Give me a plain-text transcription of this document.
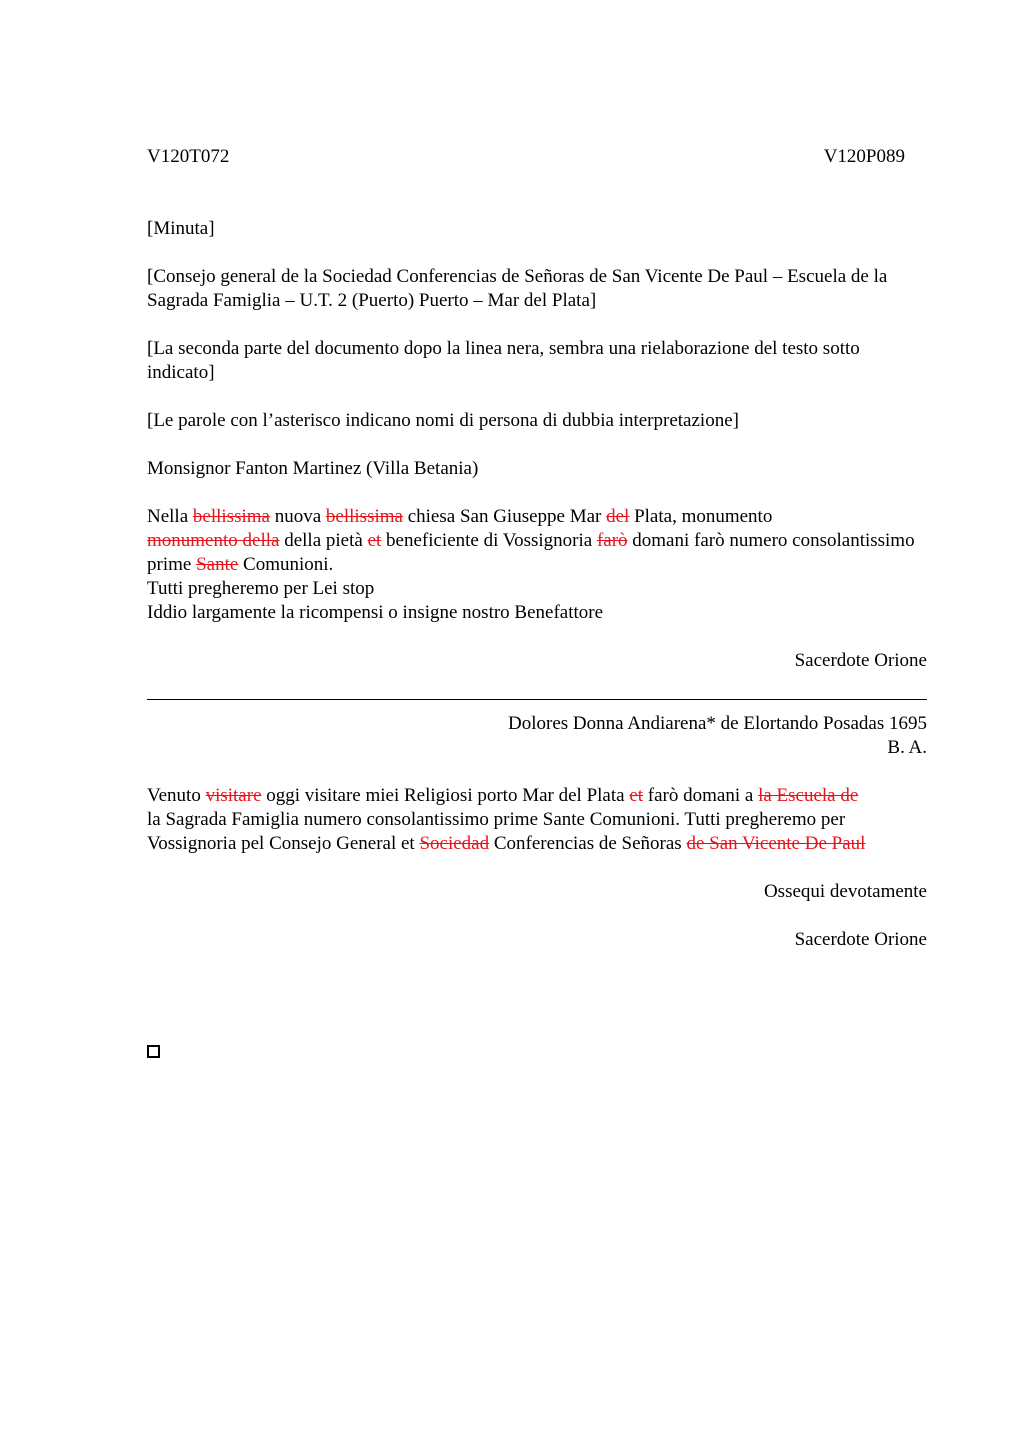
V120T072	V120P089

[Minuta]

[Consejo general de la Sociedad Conferencias de Señoras de San Vicente De Paul – Escuela de la Sagrada Famiglia – U.T. 2 (Puerto) Puerto – Mar del Plata]

[La seconda parte del documento dopo la linea nera, sembra una rielaborazione del testo sotto indicato]

[Le parole con l’asterisco indicano nomi di persona di dubbia interpretazione]

Monsignor Fanton Martinez (Villa Betania)

Nella bellissima nuova bellissima chiesa San Giuseppe Mar del Plata, monumento
monumento della della pietà et beneficiente di Vossignoria farò domani farò numero consolantissimo prime Sante Comunioni.

Tutti pregheremo per Lei stop

Iddio largamente la ricompensi o insigne nostro Benefattore

Sacerdote Orione

Dolores Donna Andiarena* de Elortando Posadas 1695

B. A.

Venuto visitare oggi visitare miei Religiosi porto Mar del Plata et farò domani a la Escuela de
la Sagrada Famiglia numero consolantissimo prime Sante Comunioni. Tutti pregheremo per Vossignoria pel Consejo General et Sociedad Conferencias de Señoras de San Vicente De Paul

Ossequi devotamente

Sacerdote Orione
